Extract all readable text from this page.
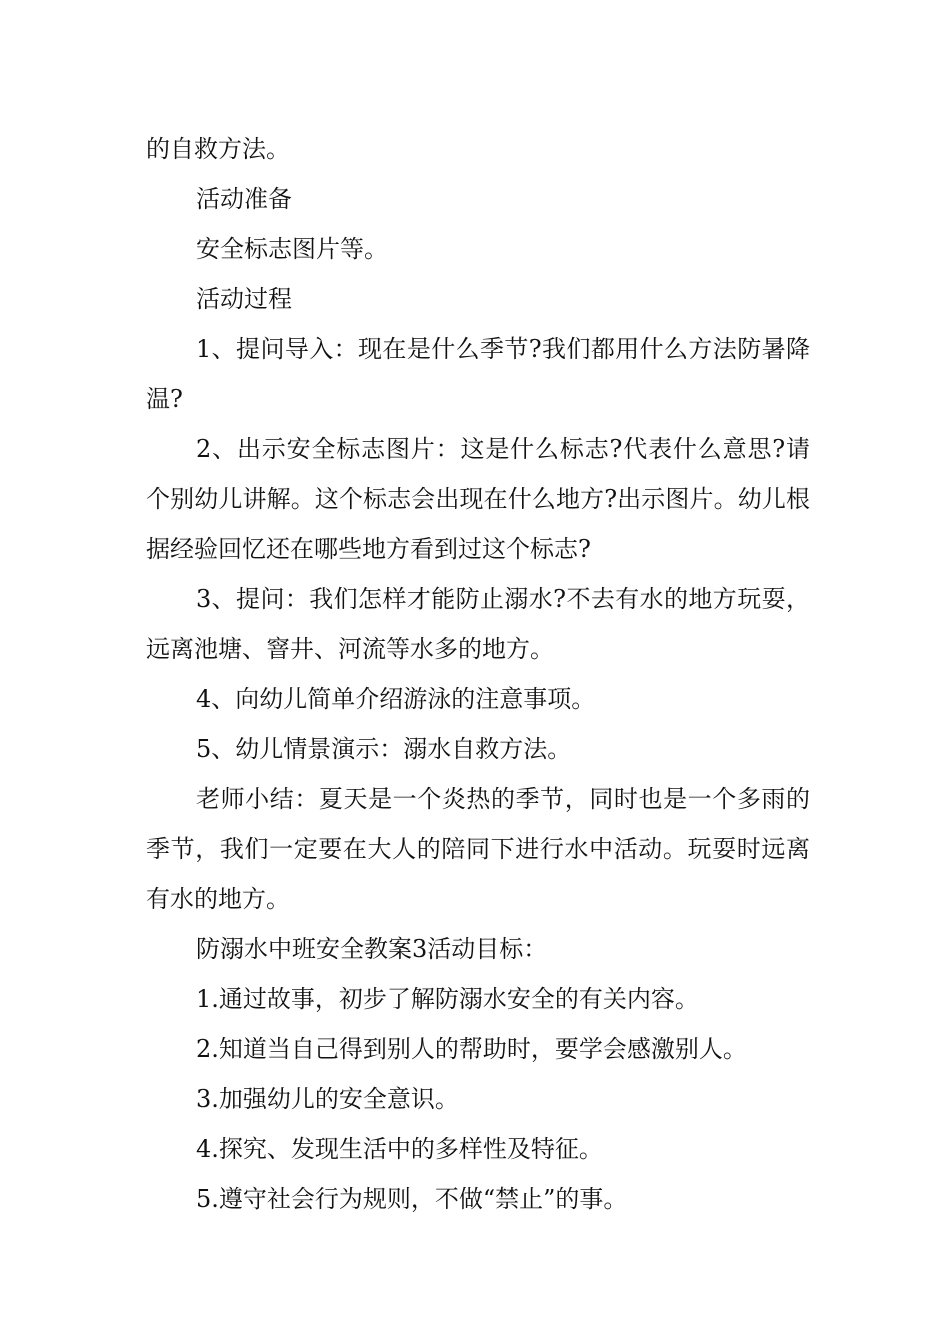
的自救方法。

活动准备

安全标志图片等。

活动过程

1、提问导入：现在是什么季节?我们都用什么方法防暑降温?

2、出示安全标志图片：这是什么标志?代表什么意思?请个别幼儿讲解。这个标志会出现在什么地方?出示图片。幼儿根据经验回忆还在哪些地方看到过这个标志?

3、提问：我们怎样才能防止溺水?不去有水的地方玩耍，远离池塘、窨井、河流等水多的地方。

4、向幼儿简单介绍游泳的注意事项。

5、幼儿情景演示：溺水自救方法。

老师小结：夏天是一个炎热的季节，同时也是一个多雨的季节，我们一定要在大人的陪同下进行水中活动。玩耍时远离有水的地方。

防溺水中班安全教案3活动目标：

1.通过故事，初步了解防溺水安全的有关内容。

2.知道当自己得到别人的帮助时，要学会感激别人。

3.加强幼儿的安全意识。

4.探究、发现生活中的多样性及特征。

5.遵守社会行为规则，不做“禁止”的事。
